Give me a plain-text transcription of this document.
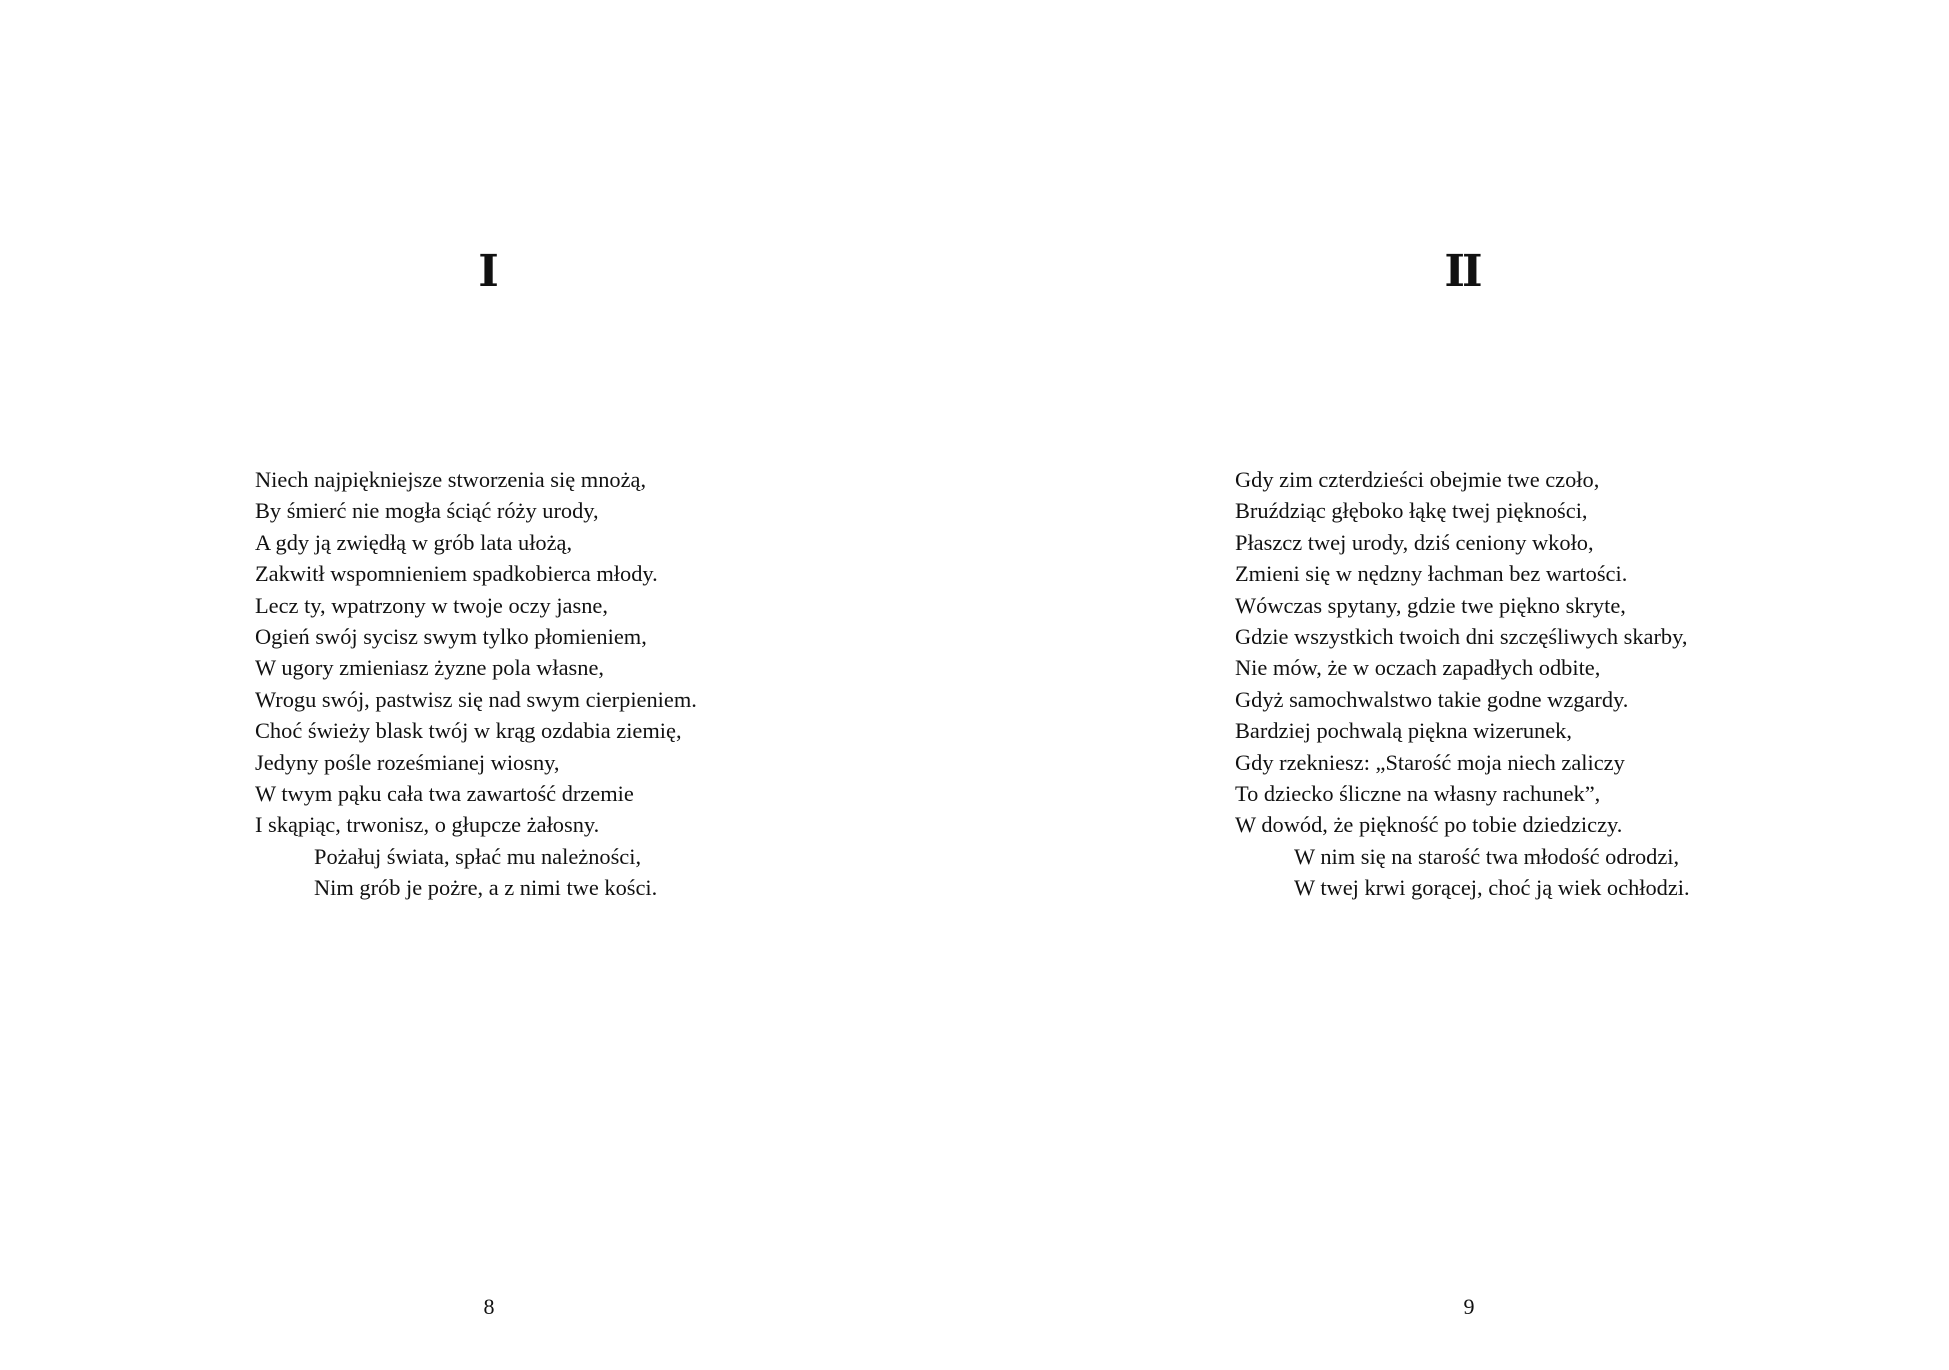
I
Niech najpiękniejsze stworzenia się mnożą,
By śmierć nie mogła ściąć róży urody,
A gdy ją zwiędłą w grób lata ułożą,
Zakwitł wspomnieniem spadkobierca młody.
Lecz ty, wpatrzony w twoje oczy jasne,
Ogień swój sycisz swym tylko płomieniem,
W ugory zmieniasz żyzne pola własne,
Wrogu swój, pastwisz się nad swym cierpieniem.
Choć świeży blask twój w krąg ozdabia ziemię,
Jedyny pośle roześmianej wiosny,
W twym pąku cała twa zawartość drzemie
I skąpiąc, trwonisz, o głupcze żałosny.
Pożałuj świata, spłać mu należności,
Nim grób je pożre, a z nimi twe kości.
8
II
Gdy zim czterdzieści obejmie twe czoło,
Bruździąc głęboko łąkę twej piękności,
Płaszcz twej urody, dziś ceniony wkoło,
Zmieni się w nędzny łachman bez wartości.
Wówczas spytany, gdzie twe piękno skryte,
Gdzie wszystkich twoich dni szczęśliwych skarby,
Nie mów, że w oczach zapadłych odbite,
Gdyż samochwalstwo takie godne wzgardy.
Bardziej pochwalą piękna wizerunek,
Gdy rzekniesz: „Starość moja niech zaliczy
To dziecko śliczne na własny rachunek”,
W dowód, że piękność po tobie dziedziczy.
W nim się na starość twa młodość odrodzi,
W twej krwi gorącej, choć ją wiek ochłodzi.
9
